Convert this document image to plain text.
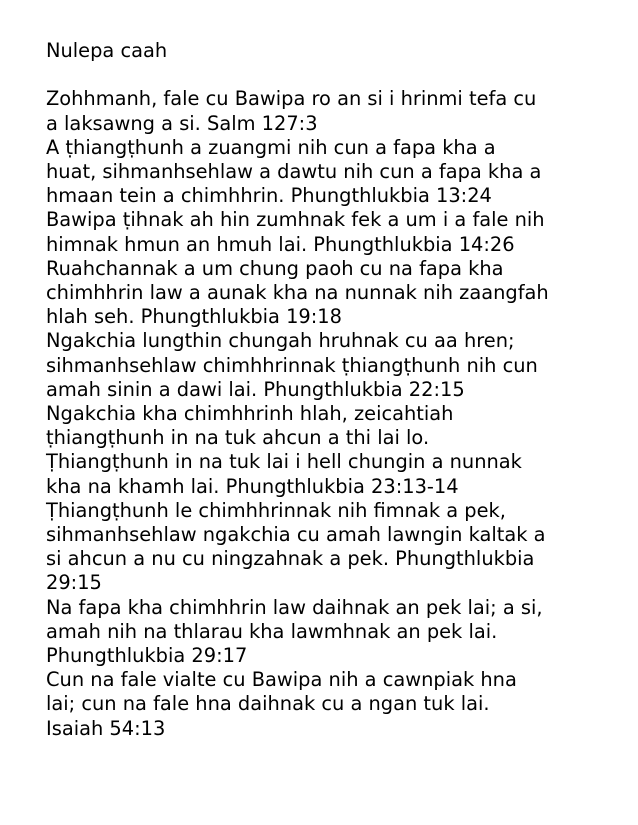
Nulepa caah
Zohhmanh, fale cu Bawipa ro an si i hrinmi tefa cu
a laksawng a si. Salm 127:3
A ṭhiangṭhunh a zuangmi nih cun a fapa kha a
huat, sihmanhsehlaw a dawtu nih cun a fapa kha a
hmaan tein a chimhhrin. Phungthlukbia 13:24
Bawipa ṭihnak ah hin zumhnak fek a um i a fale nih
himnak hmun an hmuh lai. Phungthlukbia 14:26
Ruahchannak a um chung paoh cu na fapa kha
chimhhrin law a aunak kha na nunnak nih zaangfah
hlah seh. Phungthlukbia 19:18
Ngakchia lungthin chungah hruhnak cu aa hren;
sihmanhsehlaw chimhhrinnak ṭhiangṭhunh nih cun
amah sinin a dawi lai. Phungthlukbia 22:15
Ngakchia kha chimhhrinh hlah, zeicahtiah
ṭhiangṭhunh in na tuk ahcun a thi lai lo.
Ṭhiangṭhunh in na tuk lai i hell chungin a nunnak
kha na khamh lai. Phungthlukbia 23:13-14
Ṭhiangṭhunh le chimhhrinnak nih fimnak a pek,
sihmanhsehlaw ngakchia cu amah lawngin kaltak a
si ahcun a nu cu ningzahnak a pek. Phungthlukbia
29:15
Na fapa kha chimhhrin law daihnak an pek lai; a si,
amah nih na thlarau kha lawmhnak an pek lai.
Phungthlukbia 29:17
Cun na fale vialte cu Bawipa nih a cawnpiak hna
lai; cun na fale hna daihnak cu a ngan tuk lai.
Isaiah 54:13
